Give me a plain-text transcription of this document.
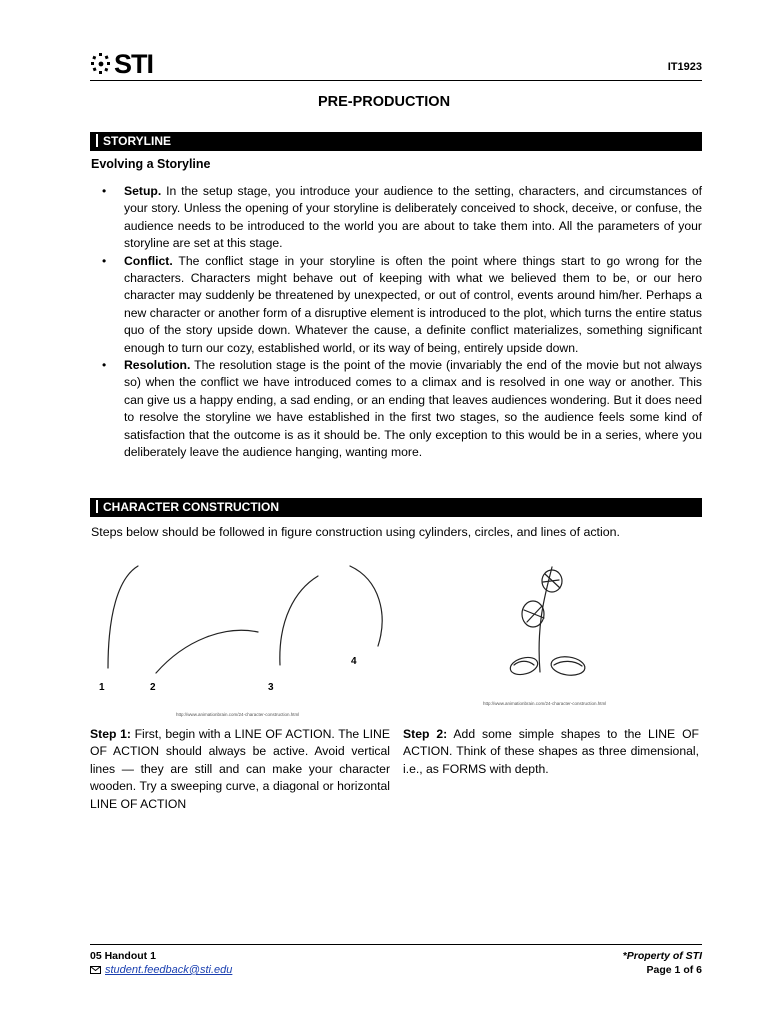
STI	IT1923
PRE-PRODUCTION
STORYLINE
Evolving a Storyline
• Setup. In the setup stage, you introduce your audience to the setting, characters, and circumstances of your story. Unless the opening of your storyline is deliberately conceived to shock, deceive, or confuse, the audience needs to be introduced to the world you are about to take them into. All the parameters of your storyline are set at this stage.
• Conflict. The conflict stage in your storyline is often the point where things start to go wrong for the characters. Characters might behave out of keeping with what we believed them to be, or our hero character may suddenly be threatened by unexpected, or out of control, events around him/her. Perhaps a new character or another form of a disruptive element is introduced to the plot, which turns the entire status quo of the story upside down. Whatever the cause, a definite conflict materializes, something significant enough to turn our cozy, established world, or its way of being, entirely upside down.
• Resolution. The resolution stage is the point of the movie (invariably the end of the movie but not always so) when the conflict we have introduced comes to a climax and is resolved in one way or another. This can give us a happy ending, a sad ending, or an ending that leaves audiences wondering. But it does need to resolve the storyline we have established in the first two stages, so the audience feels some kind of satisfaction that the outcome is as it should be. The only exception to this would be in a series, where you deliberately leave the audience hanging, wanting more.
CHARACTER CONSTRUCTION
Steps below should be followed in figure construction using cylinders, circles, and lines of action.
1	2	3
4
http://www.animationbrain.com/24-character-construction.html
http://www.animationbrain.com/24-character-construction.html
Step 1: First, begin with a LINE OF ACTION. The LINE OF ACTION should always be active. Avoid vertical lines — they are still and can make your character wooden. Try a sweeping curve, a diagonal or horizontal LINE OF ACTION
Step 2: Add some simple shapes to the LINE OF ACTION. Think of these shapes as three dimensional, i.e., as FORMS with depth.
05 Handout 1
student.feedback@sti.edu
*Property of STI
Page 1 of 6
